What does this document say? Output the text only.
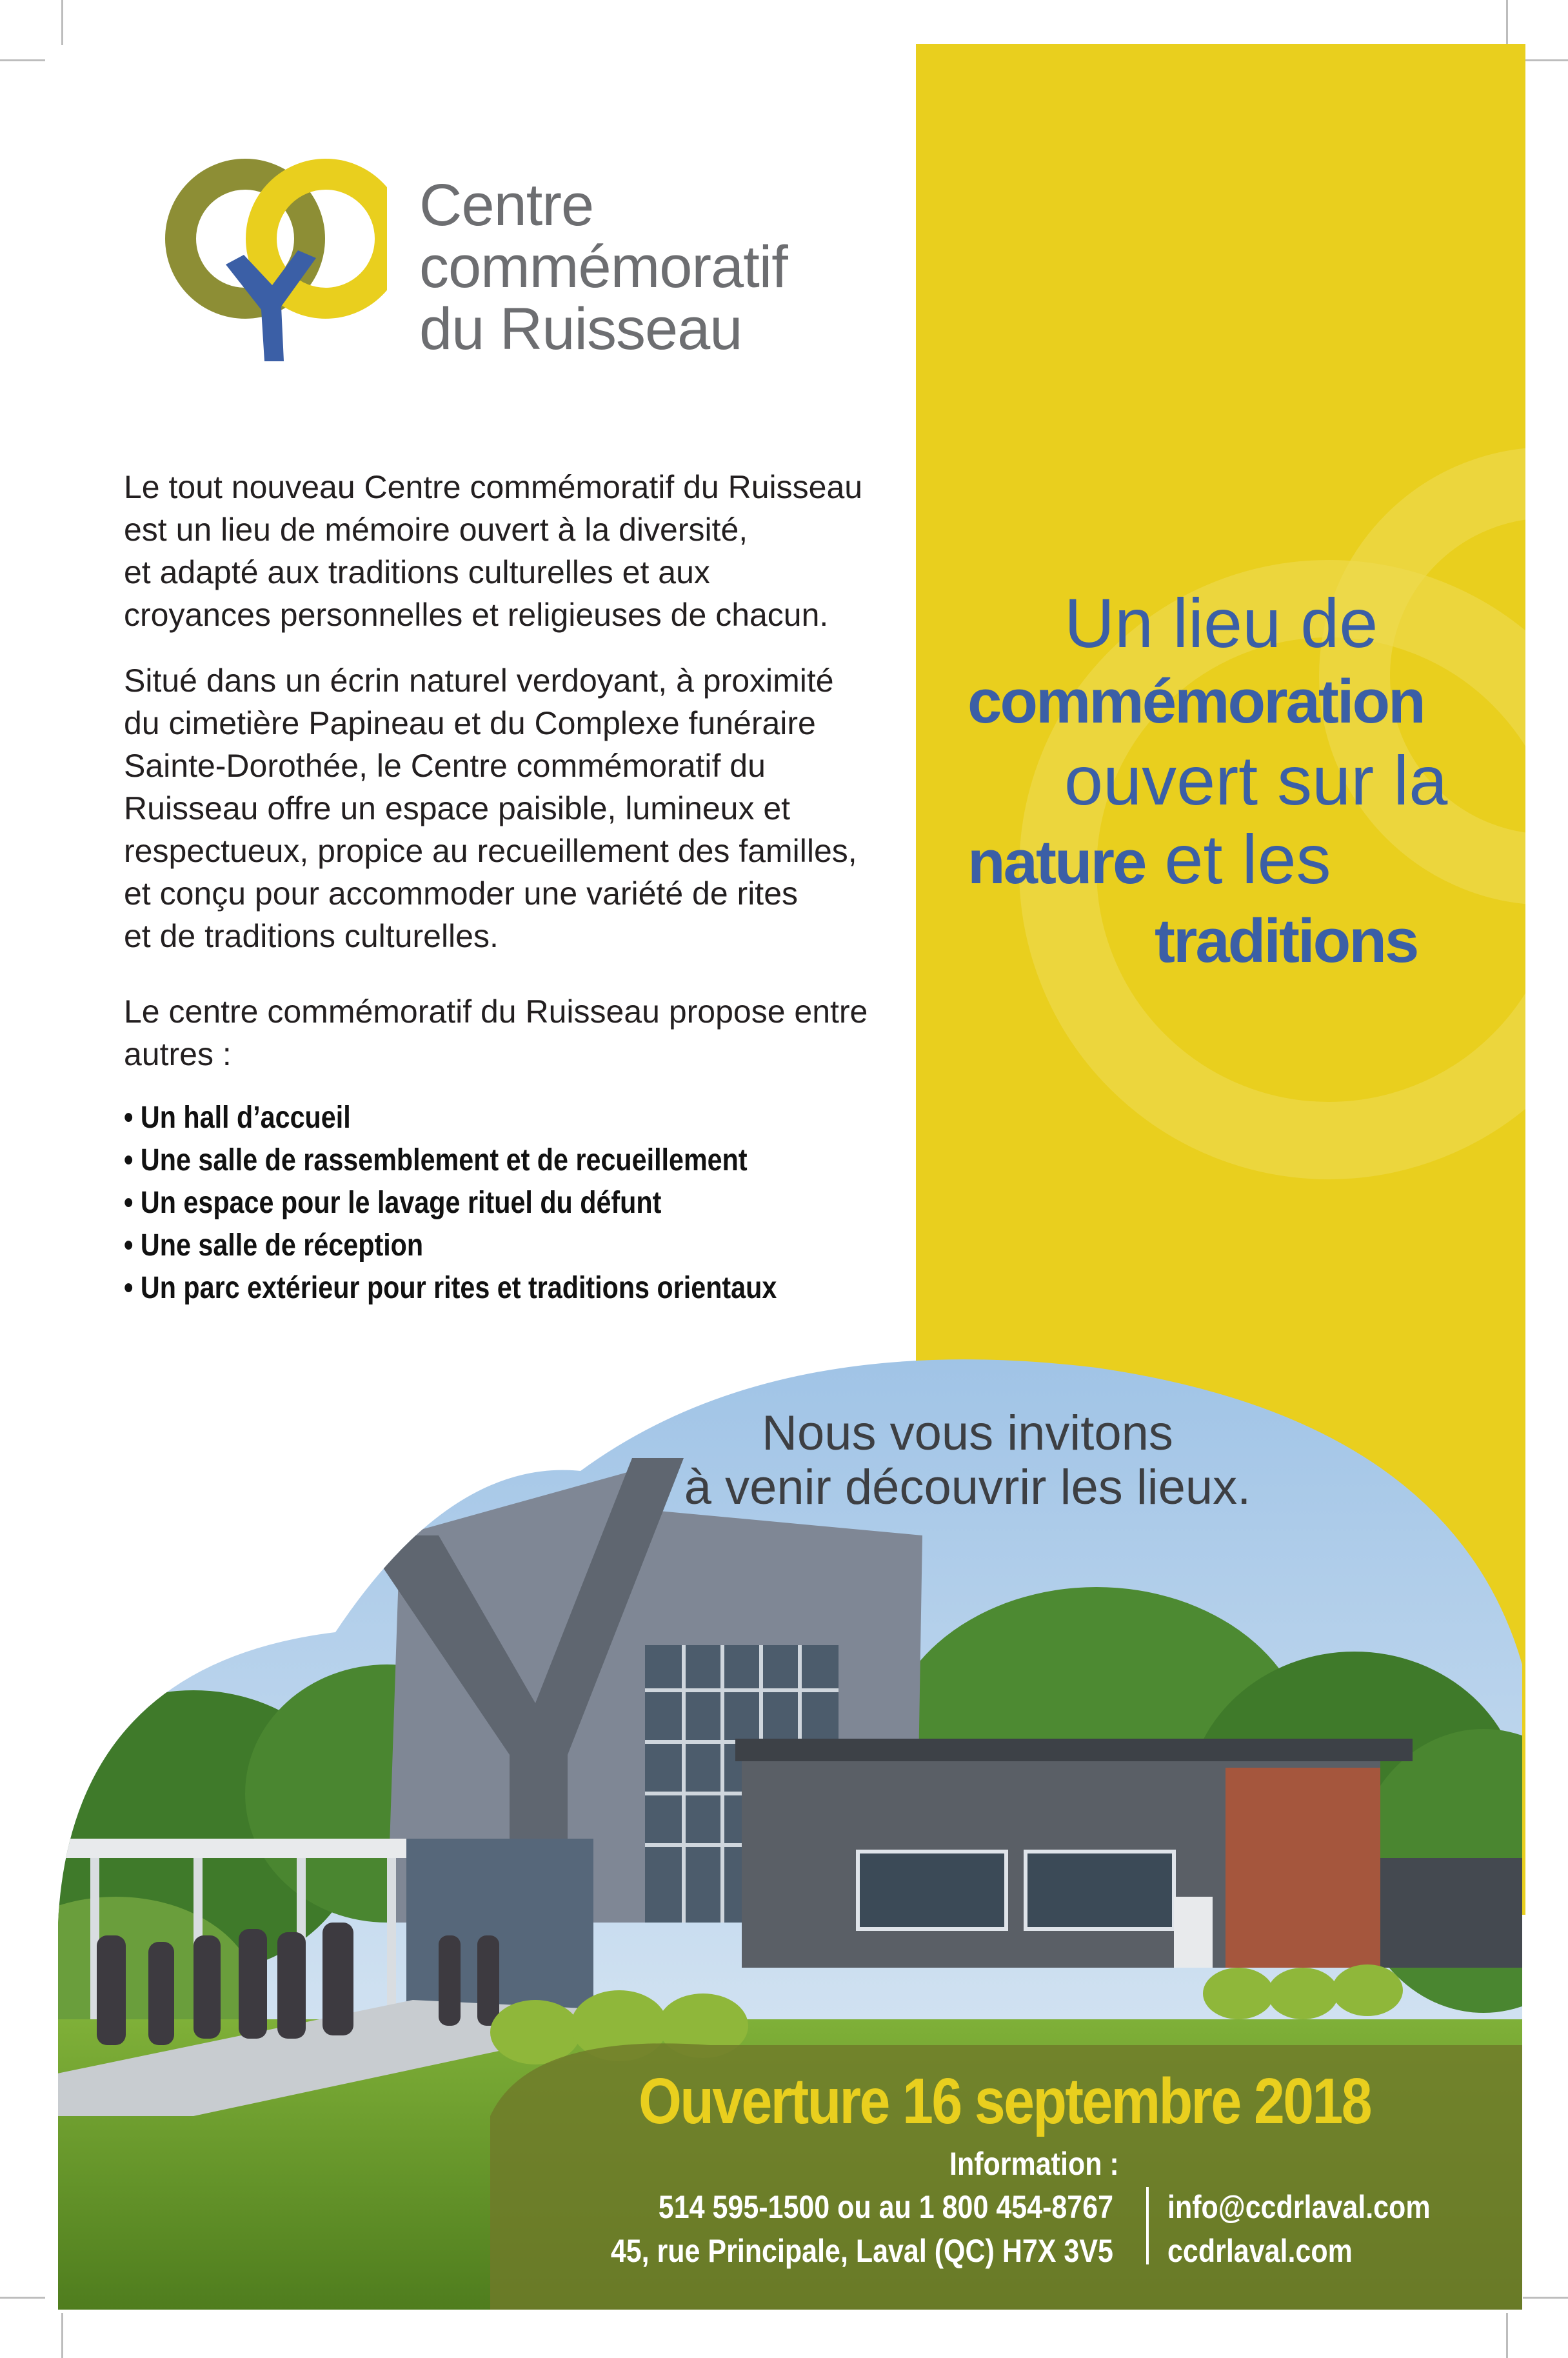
Centre
commémoratif
du Ruisseau

Le tout nouveau Centre commémoratif du Ruisseau

est un lieu de mémoire ouvert à la diversité,

et adapté aux traditions culturelles et aux

croyances personnelles et religieuses de chacun.

Situé dans un écrin naturel verdoyant, à proximité

du cimetière Papineau et du Complexe funéraire

Sainte-Dorothée, le Centre commémoratif du

Ruisseau offre un espace paisible, lumineux et

respectueux, propice au recueillement des familles,

et conçu pour accommoder une variété de rites

et de traditions culturelles.

Le centre commémoratif du Ruisseau propose entre

autres :

• Un hall d’accueil
• Une salle de rassemblement et de recueillement
• Un espace pour le lavage rituel du défunt
• Une salle de réception
• Un parc extérieur pour rites et traditions orientaux
Un lieu de
commémoration
ouvert sur la
nature et les
traditions
Nous vous invitons
à venir découvrir les lieux.
Ouverture 16 septembre 2018
Information :
514 595-1500 ou au 1 800 454-8767
45, rue Principale, Laval (QC) H7X 3V5
info@ccdrlaval.com
ccdrlaval.com
